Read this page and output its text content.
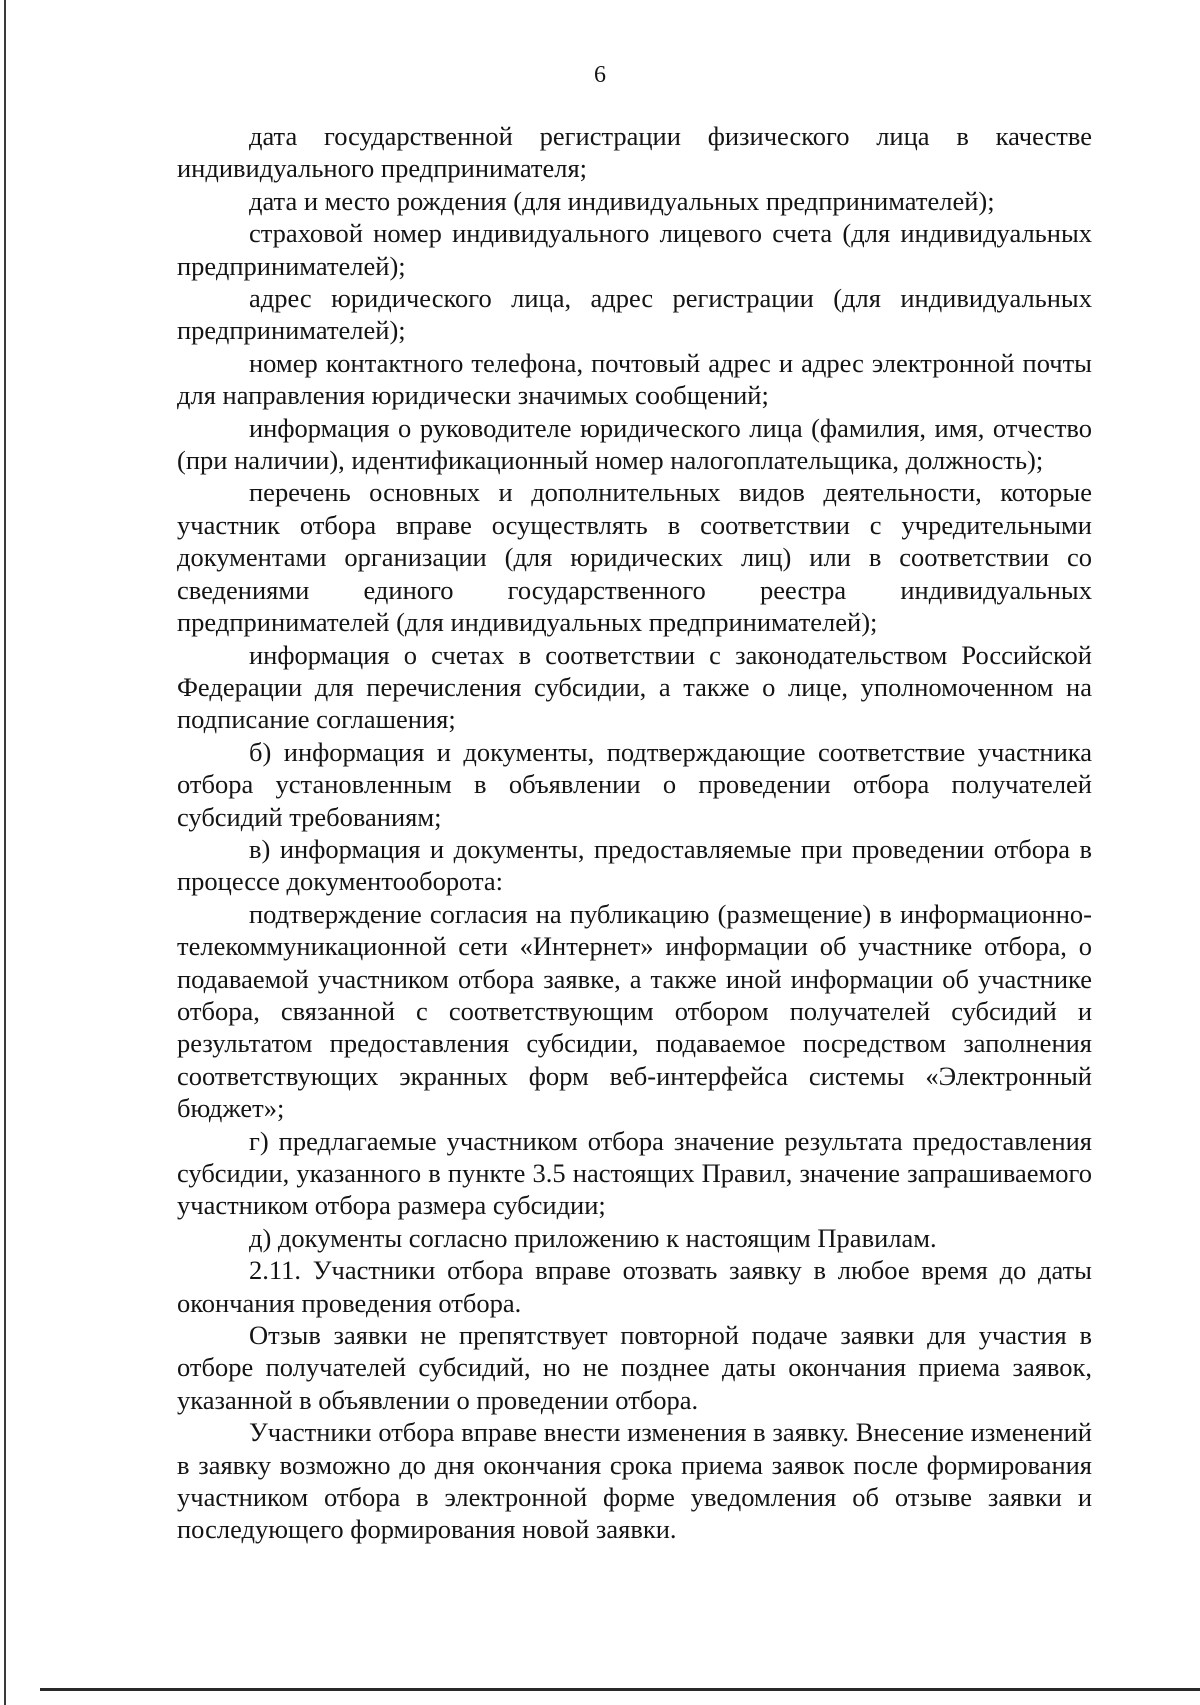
6

дата государственной регистрации физического лица в качестве индивидуального предпринимателя;

дата и место рождения (для индивидуальных предпринимателей);

страховой номер индивидуального лицевого счета (для индивидуальных предпринимателей);

адрес юридического лица, адрес регистрации (для индивидуальных предпринимателей);

номер контактного телефона, почтовый адрес и адрес электронной почты для направления юридически значимых сообщений;

информация о руководителе юридического лица (фамилия, имя, отчество (при наличии), идентификационный номер налогоплательщика, должность);

перечень основных и дополнительных видов деятельности, которые участник отбора вправе осуществлять в соответствии с учредительными документами организации (для юридических лиц) или в соответствии со сведениями единого государственного реестра индивидуальных предпринимателей (для индивидуальных предпринимателей);

информация о счетах в соответствии с законодательством Российской Федерации для перечисления субсидии, а также о лице, уполномоченном на подписание соглашения;

б) информация и документы, подтверждающие соответствие участника отбора установленным в объявлении о проведении отбора получателей субсидий требованиям;

в) информация и документы, предоставляемые при проведении отбора в процессе документооборота:

подтверждение согласия на публикацию (размещение) в информационно-телекоммуникационной сети «Интернет» информации об участнике отбора, о подаваемой участником отбора заявке, а также иной информации об участнике отбора, связанной с соответствующим отбором получателей субсидий и результатом предоставления субсидии, подаваемое посредством заполнения соответствующих экранных форм веб-интерфейса системы «Электронный бюджет»;

г) предлагаемые участником отбора значение результата предоставления субсидии, указанного в пункте 3.5 настоящих Правил, значение запрашиваемого участником отбора размера субсидии;

д) документы согласно приложению к настоящим Правилам.

2.11. Участники отбора вправе отозвать заявку в любое время до даты окончания проведения отбора.

Отзыв заявки не препятствует повторной подаче заявки для участия в отборе получателей субсидий, но не позднее даты окончания приема заявок, указанной в объявлении о проведении отбора.

Участники отбора вправе внести изменения в заявку. Внесение изменений в заявку возможно до дня окончания срока приема заявок после формирования участником отбора в электронной форме уведомления об отзыве заявки и последующего формирования новой заявки.
